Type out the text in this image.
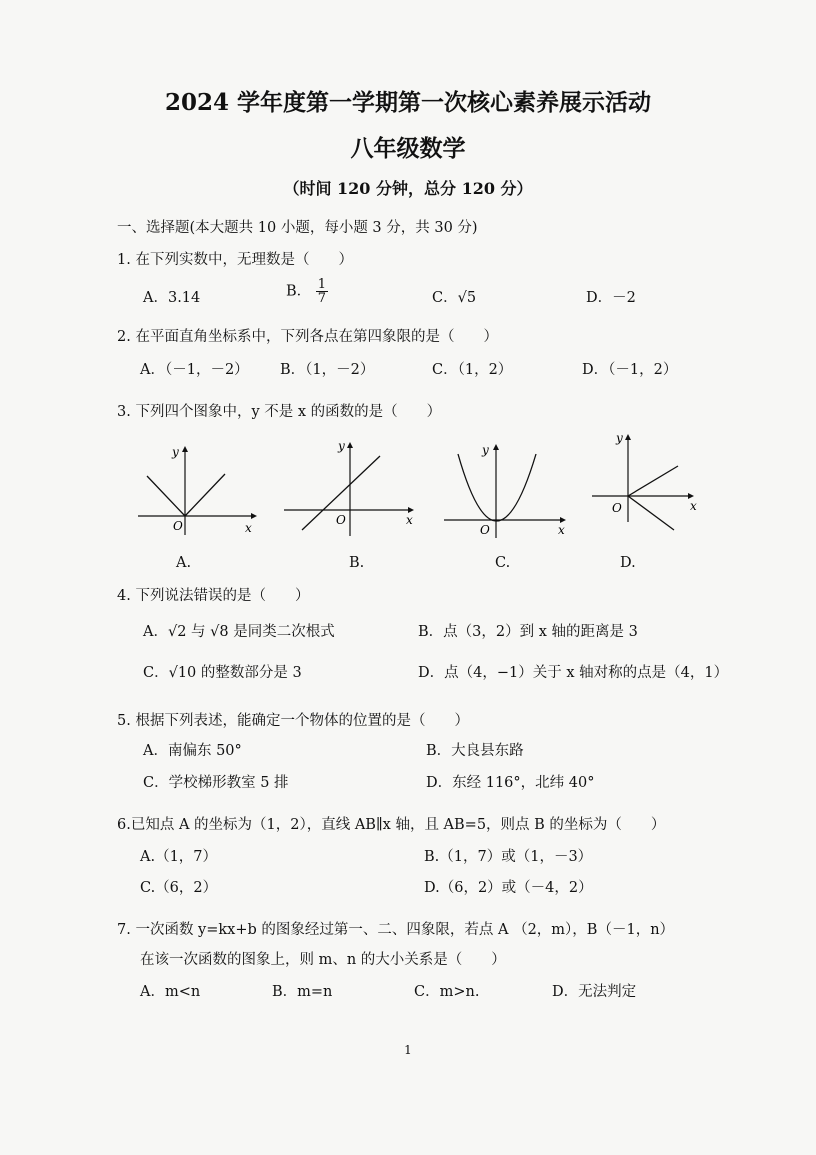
2024 学年度第一学期第一次核心素养展示活动
八年级数学
（时间 120 分钟，总分 120 分）
一、选择题(本大题共 10 小题，每小题 3 分，共 30 分)
1. 在下列实数中，无理数是（　　）
A．3.14	B． $\frac{1}{7}$	C．√5	D．－2
2. 在平面直角坐标系中，下列各点在第四象限的是（　　）
A．（－1，－2） B．（1，－2）	C．（1，2）	D．（－1，2）
3. 下列四个图象中，y 不是 x 的函数的是（　　）
y
x
O
y
x
O
y
x
O
y
x
O
A.	B.	C.	D.
4. 下列说法错误的是（　　）
A．√2 与 √8 是同类二次根式	B．点（3，2）到 x 轴的距离是 3
C．√10 的整数部分是 3	D．点（4，−1）关于 x 轴对称的点是（4，1）
5. 根据下列表述，能确定一个物体的位置的是（　　）
A．南偏东 50°	B．大良县东路
C．学校梯形教室 5 排	D．东经 116°，北纬 40°
6.已知点 A 的坐标为（1，2），直线 AB∥x 轴，且 AB=5，则点 B 的坐标为（　　）
A.（1，7）	B.（1，7）或（1，－3）
C.（6，2）	D.（6，2）或（－4，2）
7. 一次函数 y=kx+b 的图象经过第一、二、四象限，若点 A （2，m），B（－1，n）
在该一次函数的图象上，则 m、n 的大小关系是（　　）
A．m<n	B．m=n	C．m>n.	D．无法判定
1
